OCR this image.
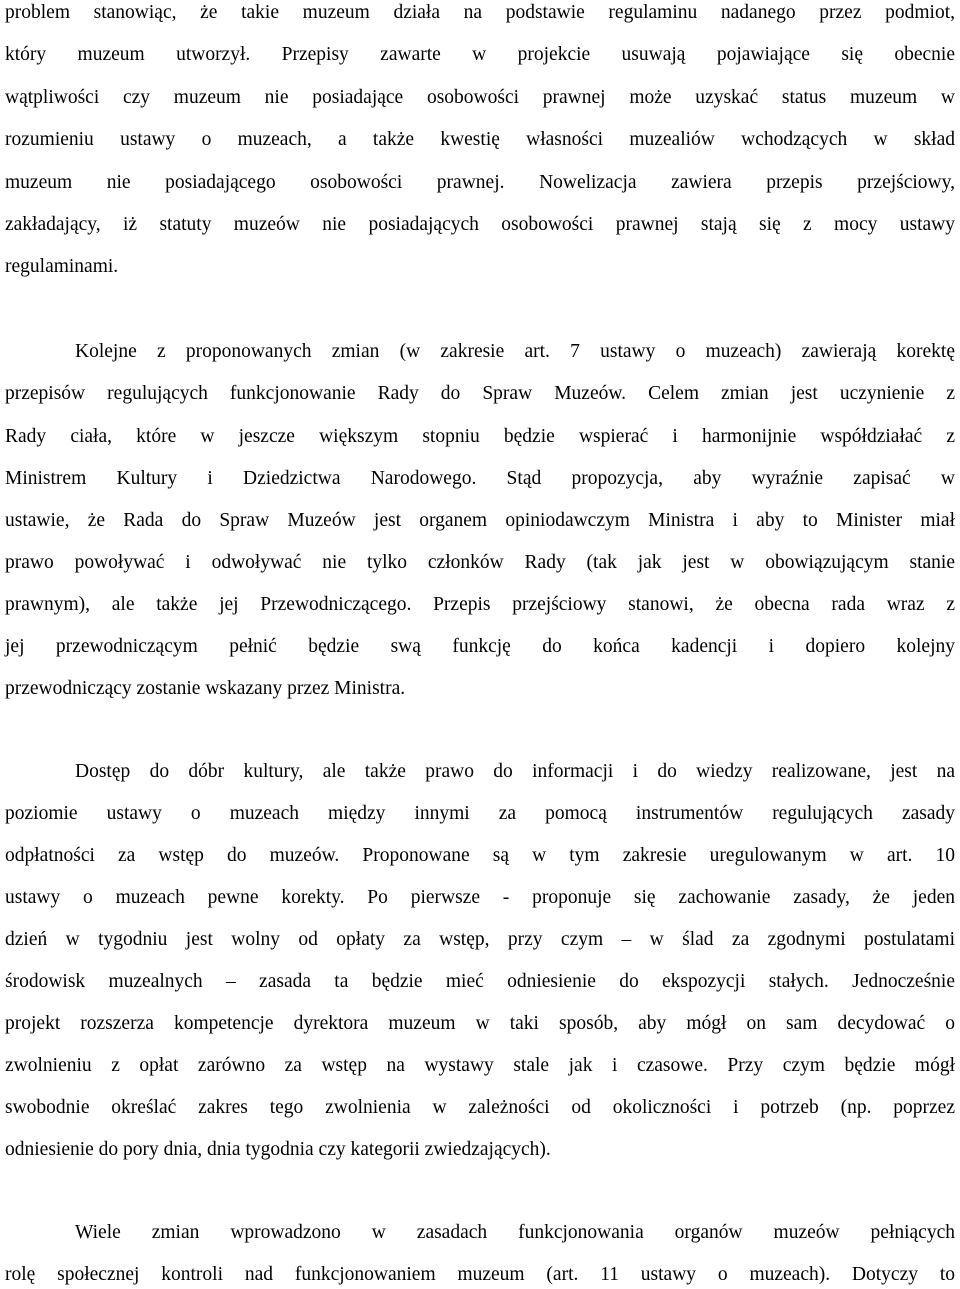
problem stanowiąc, że takie muzeum działa na podstawie regulaminu nadanego przez podmiot,
który muzeum utworzył. Przepisy zawarte w projekcie usuwają pojawiające się obecnie
wątpliwości czy muzeum nie posiadające osobowości prawnej może uzyskać status muzeum w
rozumieniu ustawy o muzeach, a także kwestię własności muzealiów wchodzących w skład
muzeum nie posiadającego osobowości prawnej. Nowelizacja zawiera przepis przejściowy,
zakładający, iż statuty muzeów nie posiadających osobowości prawnej stają się z mocy ustawy
regulaminami.
Kolejne z proponowanych zmian (w zakresie art. 7 ustawy o muzeach) zawierają korektę
przepisów regulujących funkcjonowanie Rady do Spraw Muzeów. Celem zmian jest uczynienie z
Rady ciała, które w jeszcze większym stopniu będzie wspierać i harmonijnie współdziałać z
Ministrem Kultury i Dziedzictwa Narodowego. Stąd propozycja, aby wyraźnie zapisać w
ustawie, że Rada do Spraw Muzeów jest organem opiniodawczym Ministra i aby to Minister miał
prawo powoływać i odwoływać nie tylko członków Rady (tak jak jest w obowiązującym stanie
prawnym), ale także jej Przewodniczącego. Przepis przejściowy stanowi, że obecna rada wraz z
jej przewodniczącym pełnić będzie swą funkcję do końca kadencji i dopiero kolejny
przewodniczący zostanie wskazany przez Ministra.
Dostęp do dóbr kultury, ale także prawo do informacji i do wiedzy realizowane, jest na
poziomie ustawy o muzeach między innymi za pomocą instrumentów regulujących zasady
odpłatności za wstęp do muzeów. Proponowane są w tym zakresie uregulowanym w art. 10
ustawy o muzeach pewne korekty. Po pierwsze - proponuje się zachowanie zasady, że jeden
dzień w tygodniu jest wolny od opłaty za wstęp, przy czym – w ślad za zgodnymi postulatami
środowisk muzealnych – zasada ta będzie mieć odniesienie do ekspozycji stałych. Jednocześnie
projekt rozszerza kompetencje dyrektora muzeum w taki sposób, aby mógł on sam decydować o
zwolnieniu z opłat zarówno za wstęp na wystawy stale jak i czasowe. Przy czym będzie mógł
swobodnie określać zakres tego zwolnienia w zależności od okoliczności i potrzeb (np. poprzez
odniesienie do pory dnia, dnia tygodnia czy kategorii zwiedzających).
Wiele zmian wprowadzono w zasadach funkcjonowania organów muzeów pełniących
rolę społecznej kontroli nad funkcjonowaniem muzeum (art. 11 ustawy o muzeach). Dotyczy to
